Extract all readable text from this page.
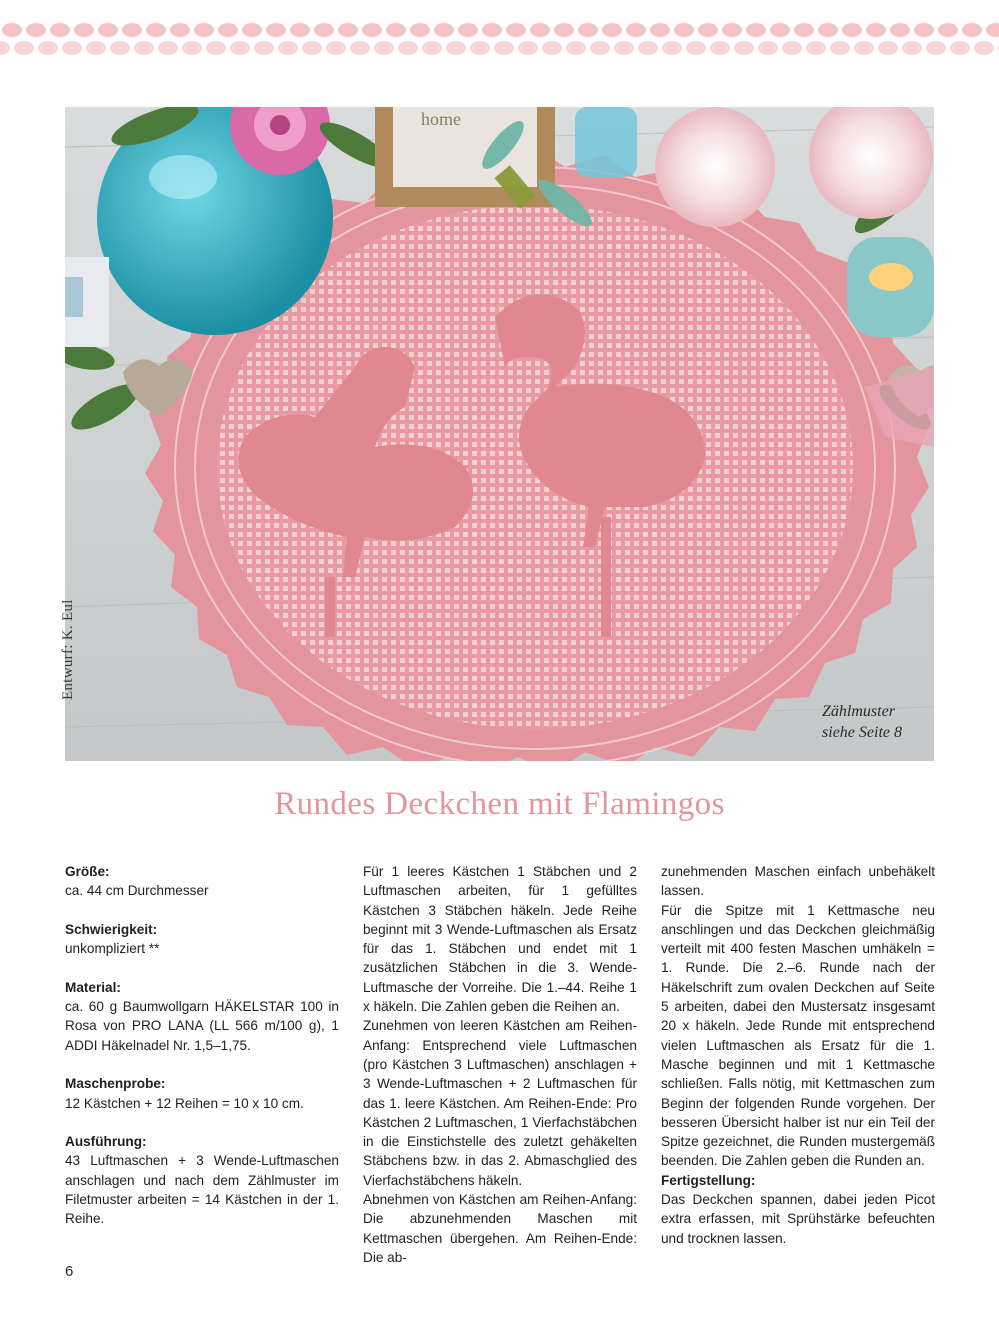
home
Zählmuster
siehe Seite 8
Entwurf: K. Eul
Rundes Deckchen mit Flamingos
Größe:

ca. 44 cm Durchmesser

Schwierigkeit:

unkompliziert **

Material:

ca. 60 g Baumwollgarn HÄKELSTAR 100 in Rosa von PRO LANA (LL 566 m/100 g), 1 ADDI Häkelnadel Nr. 1,5–1,75.

Maschenprobe:

12 Kästchen + 12 Reihen = 10 x 10 cm.

Ausführung:

43 Luftmaschen + 3 Wende-Luftmaschen anschlagen und nach dem Zählmuster im Filetmuster arbeiten = 14 Kästchen in der 1. Reihe.

Für 1 leeres Kästchen 1 Stäbchen und 2 Luftmaschen arbeiten, für 1 gefülltes Kästchen 3 Stäbchen häkeln. Jede Reihe beginnt mit 3 Wende-Luftmaschen als Ersatz für das 1. Stäbchen und endet mit 1 zusätzlichen Stäbchen in die 3. Wende-Luftmasche der Vorreihe. Die 1.–44. Reihe 1 x häkeln. Die Zahlen geben die Reihen an.

Zunehmen von leeren Kästchen am Reihen-Anfang: Entsprechend viele Luftmaschen (pro Kästchen 3 Luftmaschen) anschlagen + 3 Wende-Luftmaschen + 2 Luftmaschen für das 1. leere Kästchen. Am Reihen-Ende: Pro Kästchen 2 Luftmaschen, 1 Vierfachstäbchen in die Einstichstelle des zuletzt gehäkelten Stäbchens bzw. in das 2. Abmaschglied des Vierfachstäbchens häkeln.

Abnehmen von Kästchen am Reihen-Anfang: Die abzunehmenden Maschen mit Kettmaschen übergehen. Am Reihen-Ende: Die ab-

zunehmenden Maschen einfach unbehäkelt lassen.

Für die Spitze mit 1 Kettmasche neu anschlingen und das Deckchen gleichmäßig verteilt mit 400 festen Maschen umhäkeln = 1. Runde. Die 2.–6. Runde nach der Häkelschrift zum ovalen Deckchen auf Seite 5 arbeiten, dabei den Mustersatz insgesamt 20 x häkeln. Jede Runde mit entsprechend vielen Luftmaschen als Ersatz für die 1. Masche beginnen und mit 1 Kettmasche schließen. Falls nötig, mit Kettmaschen zum Beginn der folgenden Runde vorgehen. Der besseren Übersicht halber ist nur ein Teil der Spitze gezeichnet, die Runden mustergemäß beenden. Die Zahlen geben die Runden an.

Fertigstellung:

Das Deckchen spannen, dabei jeden Picot extra erfassen, mit Sprühstärke befeuchten und trocknen lassen.

6
